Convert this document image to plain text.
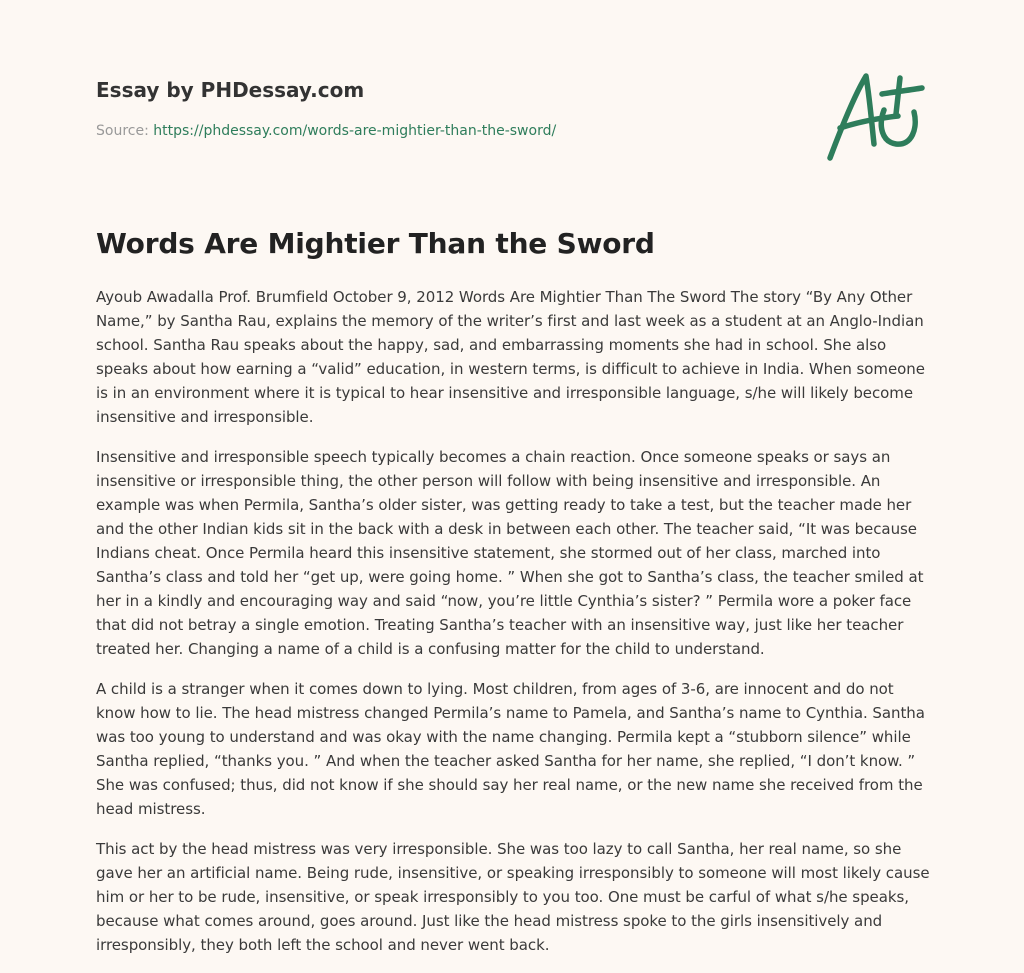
Essay by PHDessay.com
Source: https://phdessay.com/words-are-mightier-than-the-sword/
Words Are Mightier Than the Sword

Ayoub Awadalla Prof. Brumfield October 9, 2012 Words Are Mightier Than The Sword The story “By Any Other Name,” by Santha Rau, explains the memory of the writer’s first and last week as a student at an Anglo-Indian school. Santha Rau speaks about the happy, sad, and embarrassing moments she had in school. She also speaks about how earning a “valid” education, in western terms, is difficult to achieve in India. When someone is in an environment where it is typical to hear insensitive and irresponsible language, s/he will likely become insensitive and irresponsible.

Insensitive and irresponsible speech typically becomes a chain reaction. Once someone speaks or says an insensitive or irresponsible thing, the other person will follow with being insensitive and irresponsible. An example was when Permila, Santha’s older sister, was getting ready to take a test, but the teacher made her and the other Indian kids sit in the back with a desk in between each other. The teacher said, “It was because Indians cheat. Once Permila heard this insensitive statement, she stormed out of her class, marched into Santha’s class and told her “get up, were going home. ” When she got to Santha’s class, the teacher smiled at her in a kindly and encouraging way and said “now, you’re little Cynthia’s sister? ” Permila wore a poker face that did not betray a single emotion. Treating Santha’s teacher with an insensitive way, just like her teacher treated her. Changing a name of a child is a confusing matter for the child to understand.

A child is a stranger when it comes down to lying. Most children, from ages of 3-6, are innocent and do not know how to lie. The head mistress changed Permila’s name to Pamela, and Santha’s name to Cynthia. Santha was too young to understand and was okay with the name changing. Permila kept a “stubborn silence” while Santha replied, “thanks you. ” And when the teacher asked Santha for her name, she replied, “I don’t know. ” She was confused; thus, did not know if she should say her real name, or the new name she received from the head mistress.

This act by the head mistress was very irresponsible. She was too lazy to call Santha, her real name, so she gave her an artificial name. Being rude, insensitive, or speaking irresponsibly to someone will most likely cause him or her to be rude, insensitive, or speak irresponsibly to you too. One must be carful of what s/he speaks, because what comes around, goes around. Just like the head mistress spoke to the girls insensitively and irresponsibly, they both left the school and never went back.
